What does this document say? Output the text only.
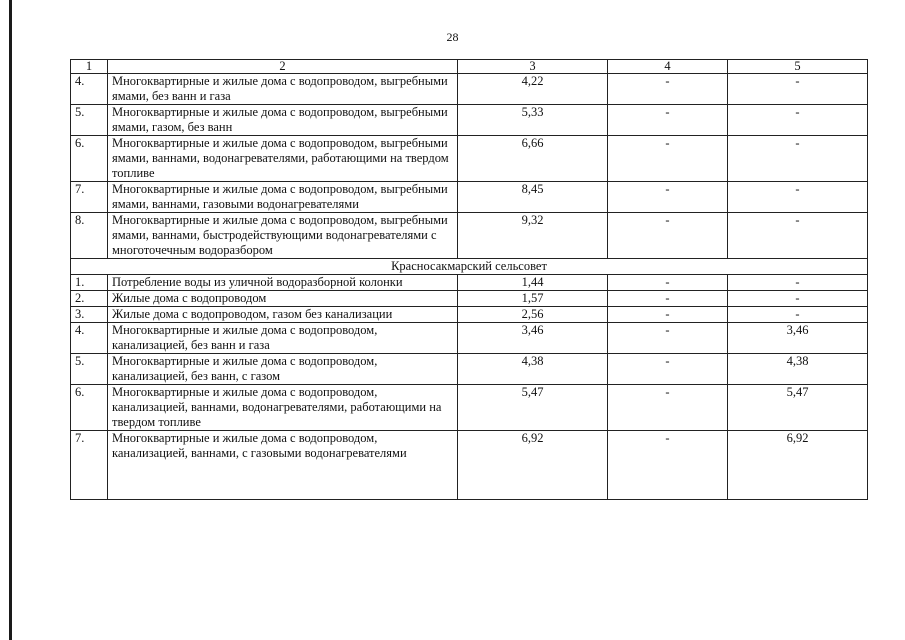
28
1	2	3	4	5
4.	Многоквартирные и жилые дома с водопроводом, выгребными ямами, без ванн и газа	4,22	-	-
5.	Многоквартирные и жилые дома с водопроводом, выгребными ямами, газом, без ванн	5,33	-	-
6.	Многоквартирные и жилые дома с водопроводом, выгребными ямами, ваннами, водонагревателями, работающими на твердом топливе	6,66	-	-
7.	Многоквартирные и жилые дома с водопроводом, выгребными ямами, ваннами, газовыми водонагревателями	8,45	-	-
8.	Многоквартирные и жилые дома с водопроводом, выгребными ямами, ваннами, быстродействующими водонагревателями с многоточечным водоразбором	9,32	-	-
Красносакмарский сельсовет				
1.	Потребление воды из уличной водоразборной колонки	1,44	-	-
2.	Жилые дома с водопроводом	1,57	-	-
3.	Жилые дома с водопроводом, газом без канализации	2,56	-	-
4.	Многоквартирные и жилые дома с водопроводом, канализацией, без ванн и газа	3,46	-	3,46
5.	Многоквартирные и жилые дома с водопроводом, канализацией, без ванн, с газом	4,38	-	4,38
6.	Многоквартирные и жилые дома с водопроводом, канализацией, ваннами, водонагревателями, работающими на твердом топливе	5,47	-	5,47
7.	Многоквартирные и жилые дома с водопроводом, канализацией, ваннами, с газовыми водонагревателями	6,92	-	6,92
